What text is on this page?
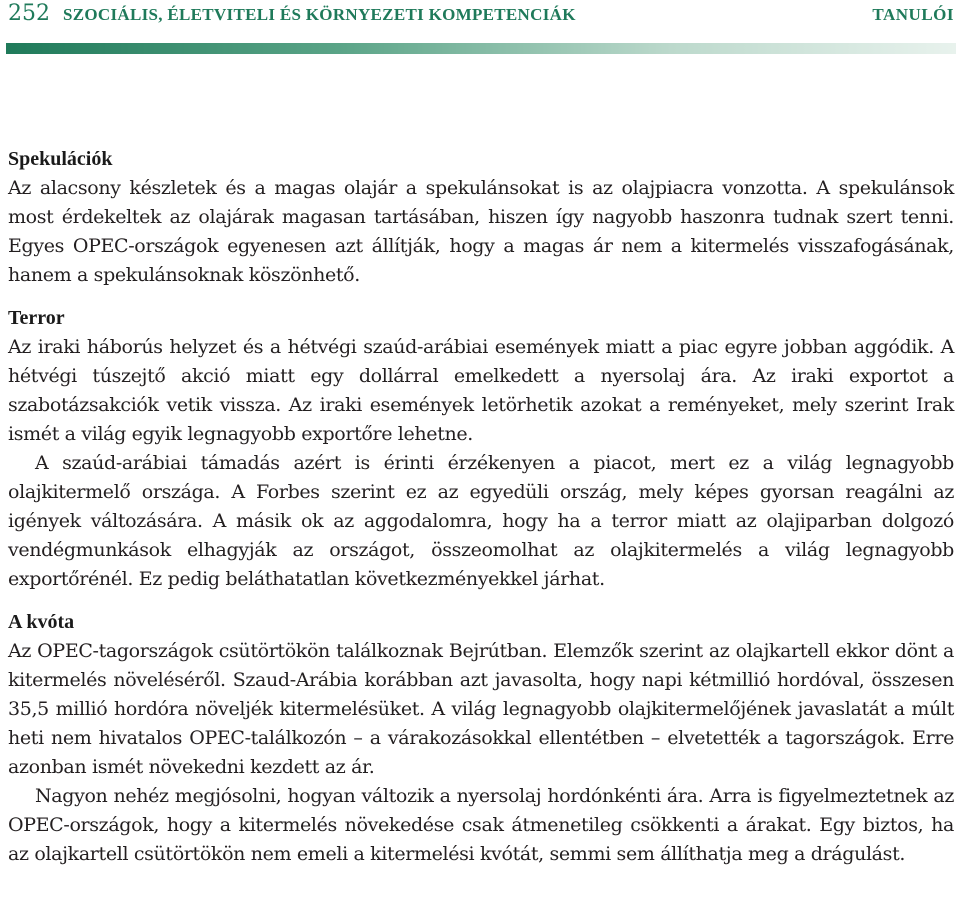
252 SZOCIÁLIS, ÉLETVITELI ÉS KÖRNYEZETI KOMPETENCIÁK	TANULÓI
Spekulációk

Az alacsony készletek és a magas olajár a spekulánsokat is az olajpiacra vonzotta. A spekulánsok most érdekeltek az olajárak magasan tartásában, hiszen így nagyobb haszonra tudnak szert tenni. Egyes OPEC-országok egyenesen azt állítják, hogy a magas ár nem a kitermelés visszafogásának, hanem a spekulánsoknak köszönhető.

Terror

Az iraki háborús helyzet és a hétvégi szaúd-arábiai események miatt a piac egyre jobban aggódik. A hétvégi túszejtő akció miatt egy dollárral emelkedett a nyersolaj ára. Az iraki exportot a szabotázsakciók vetik vissza. Az iraki események letörhetik azokat a reményeket, mely szerint Irak ismét a világ egyik legnagyobb exportőre lehetne.

A szaúd-arábiai támadás azért is érinti érzékenyen a piacot, mert ez a világ legnagyobb olajkitermelő országa. A Forbes szerint ez az egyedüli ország, mely képes gyorsan reagálni az igények változására. A másik ok az aggodalomra, hogy ha a terror miatt az olajiparban dolgozó vendégmunkások elhagyják az országot, összeomolhat az olajkitermelés a világ legnagyobb exportőrénél. Ez pedig beláthatatlan következményekkel járhat.

A kvóta

Az OPEC-tagországok csütörtökön találkoznak Bejrútban. Elemzők szerint az olajkartell ekkor dönt a kitermelés növeléséről. Szaud-Arábia korábban azt javasolta, hogy napi kétmillió hordóval, összesen 35,5 millió hordóra növeljék kitermelésüket. A világ legnagyobb olajkitermelőjének javaslatát a múlt heti nem hivatalos OPEC-találkozón – a várakozásokkal ellentétben – elvetették a tagországok. Erre azonban ismét növekedni kezdett az ár.

Nagyon nehéz megjósolni, hogyan változik a nyersolaj hordónkénti ára. Arra is figyelmeztetnek az OPEC-országok, hogy a kitermelés növekedése csak átmenetileg csökkenti a árakat. Egy biztos, ha az olajkartell csütörtökön nem emeli a kitermelési kvótát, semmi sem állíthatja meg a drágulást.
